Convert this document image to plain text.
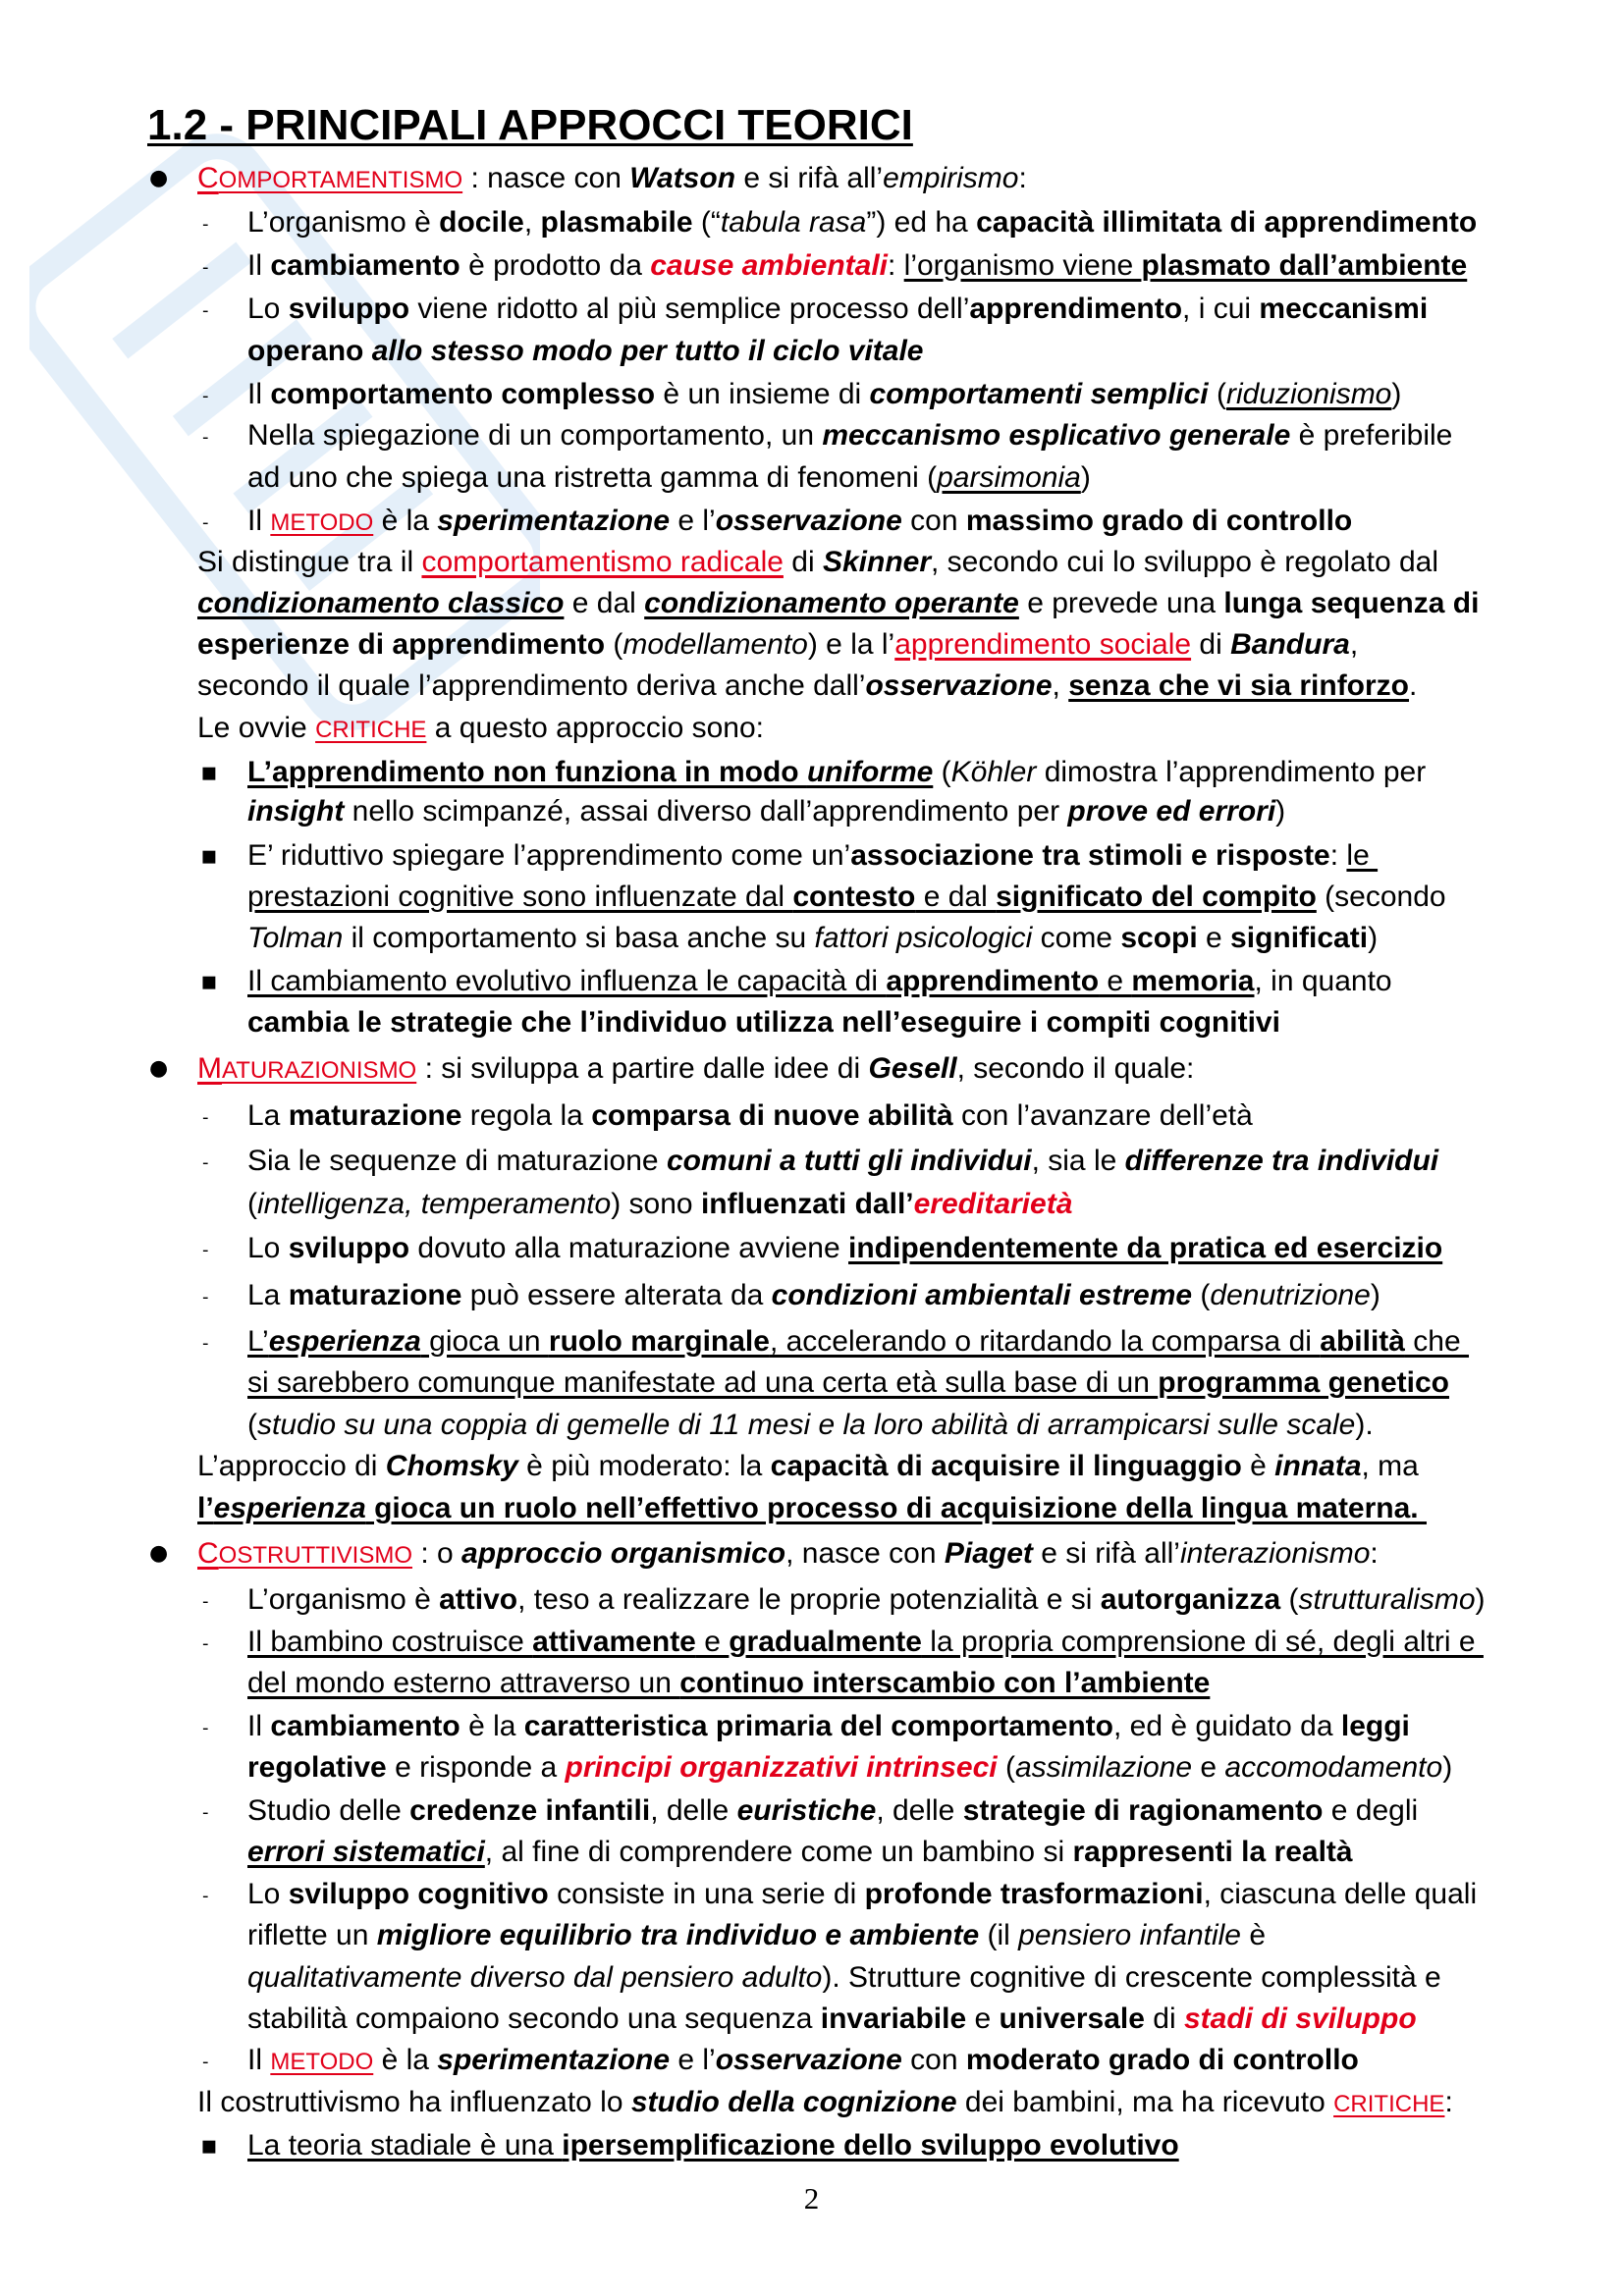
1.2 - PRINCIPALI APPROCCI TEORICI
● COMPORTAMENTISMO : nasce con Watson e si rifà all’empirismo:
- L’organismo è docile, plasmabile (“tabula rasa”) ed ha capacità illimitata di apprendimento
- Il cambiamento è prodotto da cause ambientali: l’organismo viene plasmato dall’ambiente
- Lo sviluppo viene ridotto al più semplice processo dell’apprendimento, i cui meccanismi
operano allo stesso modo per tutto il ciclo vitale
- Il comportamento complesso è un insieme di comportamenti semplici (riduzionismo)
- Nella spiegazione di un comportamento, un meccanismo esplicativo generale è preferibile
ad uno che spiega una ristretta gamma di fenomeni (parsimonia)
- Il METODO è la sperimentazione e l’osservazione con massimo grado di controllo
Si distingue tra il comportamentismo radicale di Skinner, secondo cui lo sviluppo è regolato dal
condizionamento classico e dal condizionamento operante e prevede una lunga sequenza di
esperienze di apprendimento (modellamento) e la l’apprendimento sociale di Bandura,
secondo il quale l’apprendimento deriva anche dall’osservazione, senza che vi sia rinforzo.
Le ovvie CRITICHE a questo approccio sono:
▪ L’apprendimento non funziona in modo uniforme (Köhler dimostra l’apprendimento per
insight nello scimpanzé, assai diverso dall’apprendimento per prove ed errori)
▪ E’ riduttivo spiegare l’apprendimento come un’associazione tra stimoli e risposte: le
prestazioni cognitive sono influenzate dal contesto e dal significato del compito (secondo
Tolman il comportamento si basa anche su fattori psicologici come scopi e significati)
▪ Il cambiamento evolutivo influenza le capacità di apprendimento e memoria, in quanto
cambia le strategie che l’individuo utilizza nell’eseguire i compiti cognitivi
● MATURAZIONISMO : si sviluppa a partire dalle idee di Gesell, secondo il quale:
- La maturazione regola la comparsa di nuove abilità con l’avanzare dell’età
- Sia le sequenze di maturazione comuni a tutti gli individui, sia le differenze tra individui
(intelligenza, temperamento) sono influenzati dall’ereditarietà
- Lo sviluppo dovuto alla maturazione avviene indipendentemente da pratica ed esercizio
- La maturazione può essere alterata da condizioni ambientali estreme (denutrizione)
- L’esperienza gioca un ruolo marginale, accelerando o ritardando la comparsa di abilità che
si sarebbero comunque manifestate ad una certa età sulla base di un programma genetico
(studio su una coppia di gemelle di 11 mesi e la loro abilità di arrampicarsi sulle scale).
L’approccio di Chomsky è più moderato: la capacità di acquisire il linguaggio è innata, ma
l’esperienza gioca un ruolo nell’effettivo processo di acquisizione della lingua materna.
● COSTRUTTIVISMO : o approccio organismico, nasce con Piaget e si rifà all’interazionismo:
- L’organismo è attivo, teso a realizzare le proprie potenzialità e si autorganizza (strutturalismo)
- Il bambino costruisce attivamente e gradualmente la propria comprensione di sé, degli altri e
del mondo esterno attraverso un continuo interscambio con l’ambiente
- Il cambiamento è la caratteristica primaria del comportamento, ed è guidato da leggi
regolative e risponde a principi organizzativi intrinseci (assimilazione e accomodamento)
- Studio delle credenze infantili, delle euristiche, delle strategie di ragionamento e degli
errori sistematici, al fine di comprendere come un bambino si rappresenti la realtà
- Lo sviluppo cognitivo consiste in una serie di profonde trasformazioni, ciascuna delle quali
riflette un migliore equilibrio tra individuo e ambiente (il pensiero infantile è
qualitativamente diverso dal pensiero adulto). Strutture cognitive di crescente complessità e
stabilità compaiono secondo una sequenza invariabile e universale di stadi di sviluppo
- Il METODO è la sperimentazione e l’osservazione con moderato grado di controllo
Il costruttivismo ha influenzato lo studio della cognizione dei bambini, ma ha ricevuto CRITICHE:
▪ La teoria stadiale è una ipersemplificazione dello sviluppo evolutivo
2
